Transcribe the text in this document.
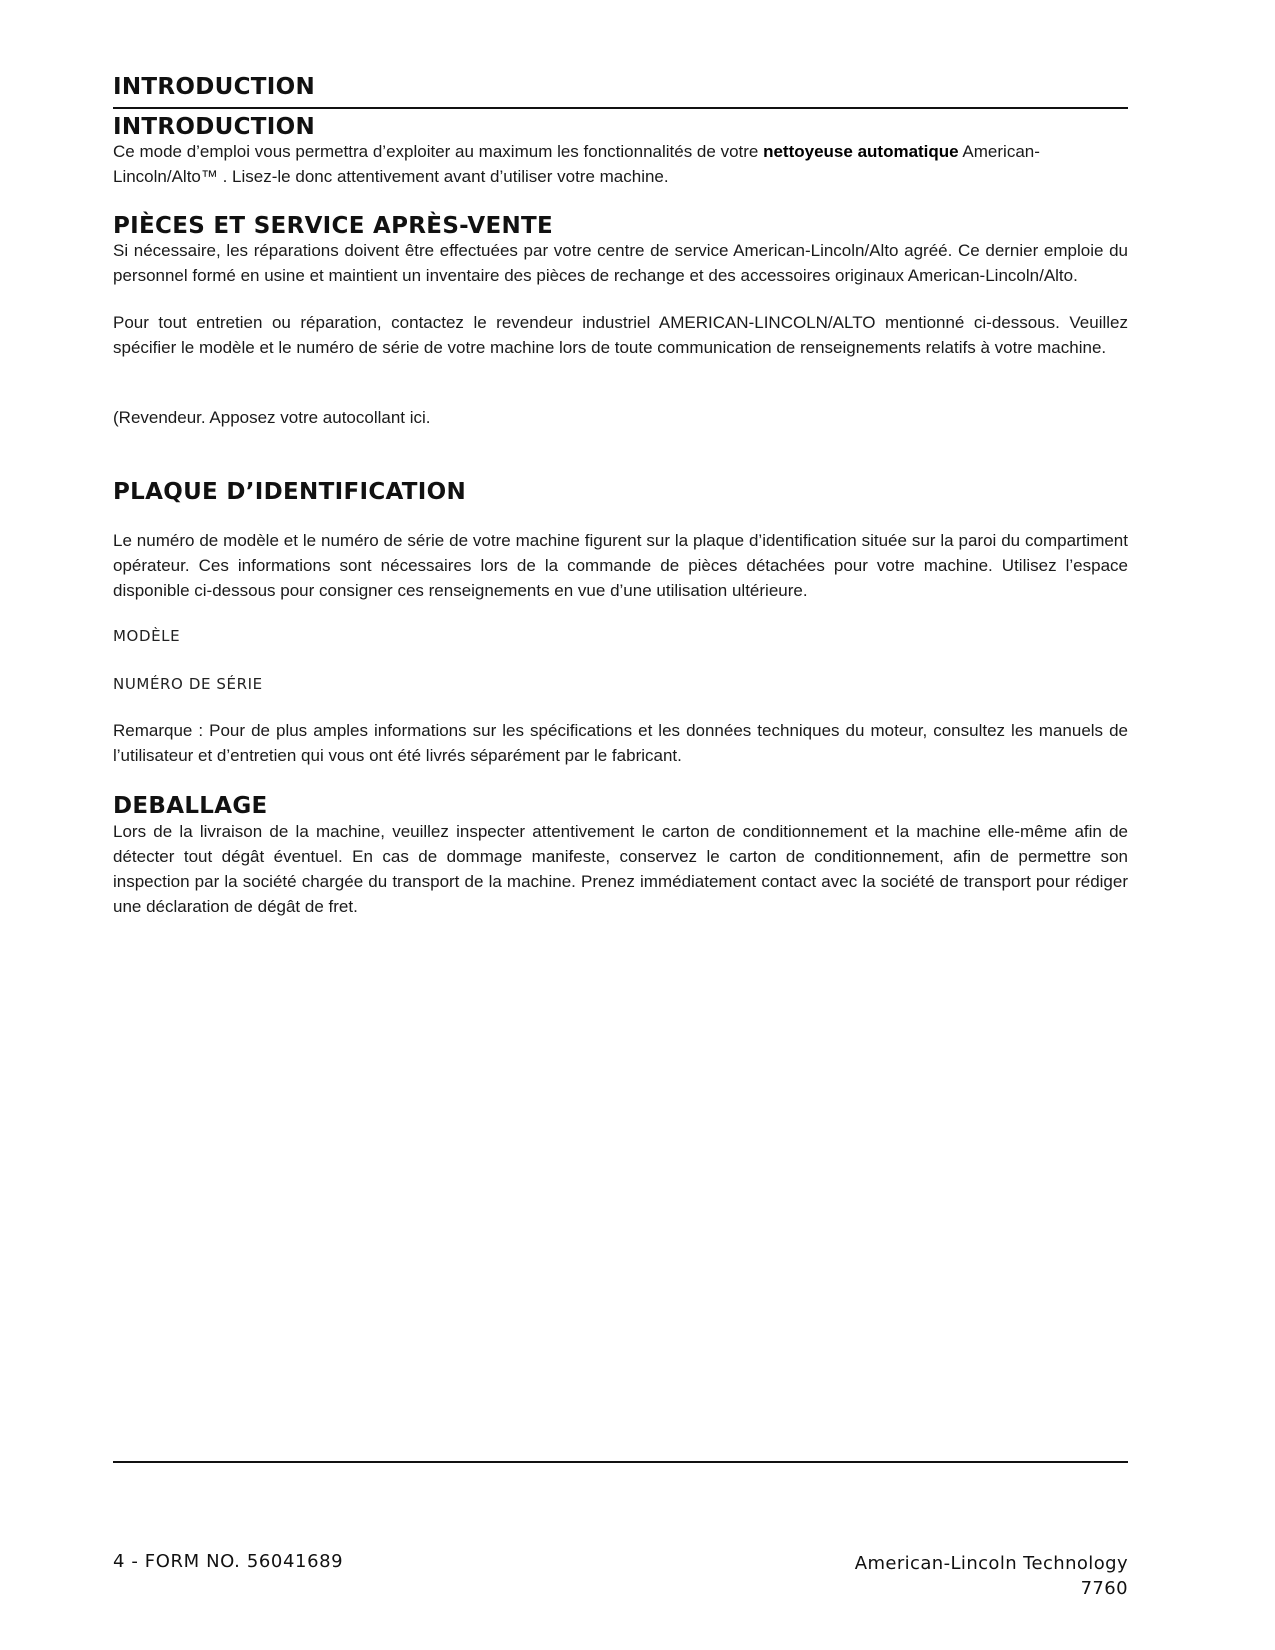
INTRODUCTION
INTRODUCTION

Ce mode d’emploi vous permettra d’exploiter au maximum les fonctionnalités de votre nettoyeuse automatique American-Lincoln/Alto™ . Lisez-le donc attentivement avant d’utiliser votre machine.

PIÈCES ET SERVICE APRÈS-VENTE

Si nécessaire, les réparations doivent être effectuées par votre centre de service American-Lincoln/Alto agréé. Ce dernier emploie du personnel formé en usine et maintient un inventaire des pièces de rechange et des accessoires originaux American-Lincoln/Alto.

Pour tout entretien ou réparation, contactez le revendeur industriel AMERICAN-LINCOLN/ALTO mentionné ci-dessous. Veuillez spécifier le modèle et le numéro de série de votre machine lors de toute communication de renseignements relatifs à votre machine.

(Revendeur. Apposez votre autocollant ici.

PLAQUE D’IDENTIFICATION

Le numéro de modèle et le numéro de série de votre machine figurent sur la plaque d’identification située sur la paroi du compartiment opérateur. Ces informations sont nécessaires lors de la commande de pièces détachées pour votre machine. Utilisez l’espace disponible ci-dessous pour consigner ces renseignements en vue d’une utilisation ultérieure.

MODÈLE

NUMÉRO DE SÉRIE

Remarque : Pour de plus amples informations sur les spécifications et les données techniques du moteur, consultez les manuels de l’utilisateur et d’entretien qui vous ont été livrés séparément par le fabricant.

DEBALLAGE

Lors de la livraison de la machine, veuillez inspecter attentivement le carton de conditionnement et la machine elle-même afin de détecter tout dégât éventuel. En cas de dommage manifeste, conservez le carton de conditionnement, afin de permettre son inspection par la société chargée du transport de la machine. Prenez immédiatement contact avec la société de transport pour rédiger une déclaration de dégât de fret.

4 - FORM NO. 56041689	American-Lincoln Technology
7760
